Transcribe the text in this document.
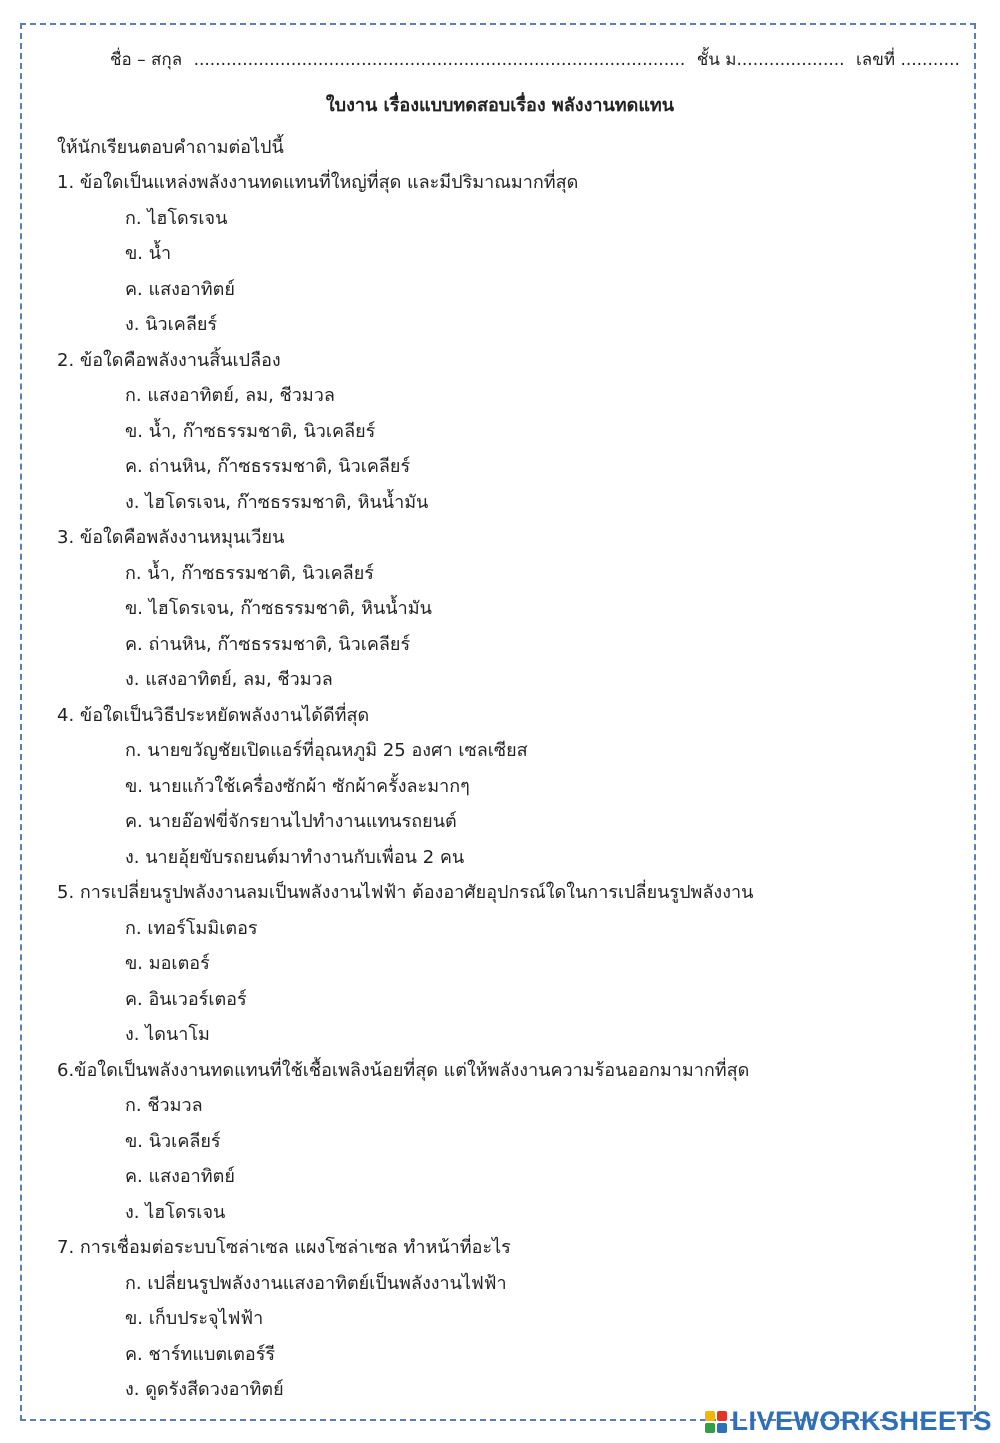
ชื่อ – สกุล ........................................................................................... ชั้น ม.................... เลขที่ ...........
ใบงาน เรื่องแบบทดสอบเรื่อง พลังงานทดแทน
ให้นักเรียนตอบคำถามต่อไปนี้
1. ข้อใดเป็นแหล่งพลังงานทดแทนที่ใหญ่ที่สุด และมีปริมาณมากที่สุด
ก. ไฮโดรเจน
ข. น้ำ
ค. แสงอาทิตย์
ง. นิวเคลียร์
2. ข้อใดคือพลังงานสิ้นเปลือง
ก. แสงอาทิตย์, ลม, ชีวมวล
ข. น้ำ, ก๊าซธรรมชาติ, นิวเคลียร์
ค. ถ่านหิน, ก๊าซธรรมชาติ, นิวเคลียร์
ง. ไฮโดรเจน, ก๊าซธรรมชาติ, หินน้ำมัน
3. ข้อใดคือพลังงานหมุนเวียน
ก. น้ำ, ก๊าซธรรมชาติ, นิวเคลียร์
ข. ไฮโดรเจน, ก๊าซธรรมชาติ, หินน้ำมัน
ค. ถ่านหิน, ก๊าซธรรมชาติ, นิวเคลียร์
ง. แสงอาทิตย์, ลม, ชีวมวล
4. ข้อใดเป็นวิธีประหยัดพลังงานได้ดีที่สุด
ก. นายขวัญชัยเปิดแอร์ที่อุณหภูมิ 25 องศา เซลเซียส
ข. นายแก้วใช้เครื่องซักผ้า ซักผ้าครั้งละมากๆ
ค. นายอ๊อฟขี่จักรยานไปทำงานแทนรถยนต์
ง. นายอุ้ยขับรถยนต์มาทำงานกับเพื่อน 2 คน
5. การเปลี่ยนรูปพลังงานลมเป็นพลังงานไฟฟ้า ต้องอาศัยอุปกรณ์ใดในการเปลี่ยนรูปพลังงาน
ก. เทอร์โมมิเตอร
ข. มอเตอร์
ค. อินเวอร์เตอร์
ง. ไดนาโม
6.ข้อใดเป็นพลังงานทดแทนที่ใช้เชื้อเพลิงน้อยที่สุด แต่ให้พลังงานความร้อนออกมามากที่สุด
ก. ชีวมวล
ข. นิวเคลียร์
ค. แสงอาทิตย์
ง. ไฮโดรเจน
7. การเชื่อมต่อระบบโซล่าเซล แผงโซล่าเซล ทำหน้าที่อะไร
ก. เปลี่ยนรูปพลังงานแสงอาทิตย์เป็นพลังงานไฟฟ้า
ข. เก็บประจุไฟฟ้า
ค. ชาร์ทแบตเตอร์รี
ง. ดูดรังสีดวงอาทิตย์
LIVEWORKSHEETS
